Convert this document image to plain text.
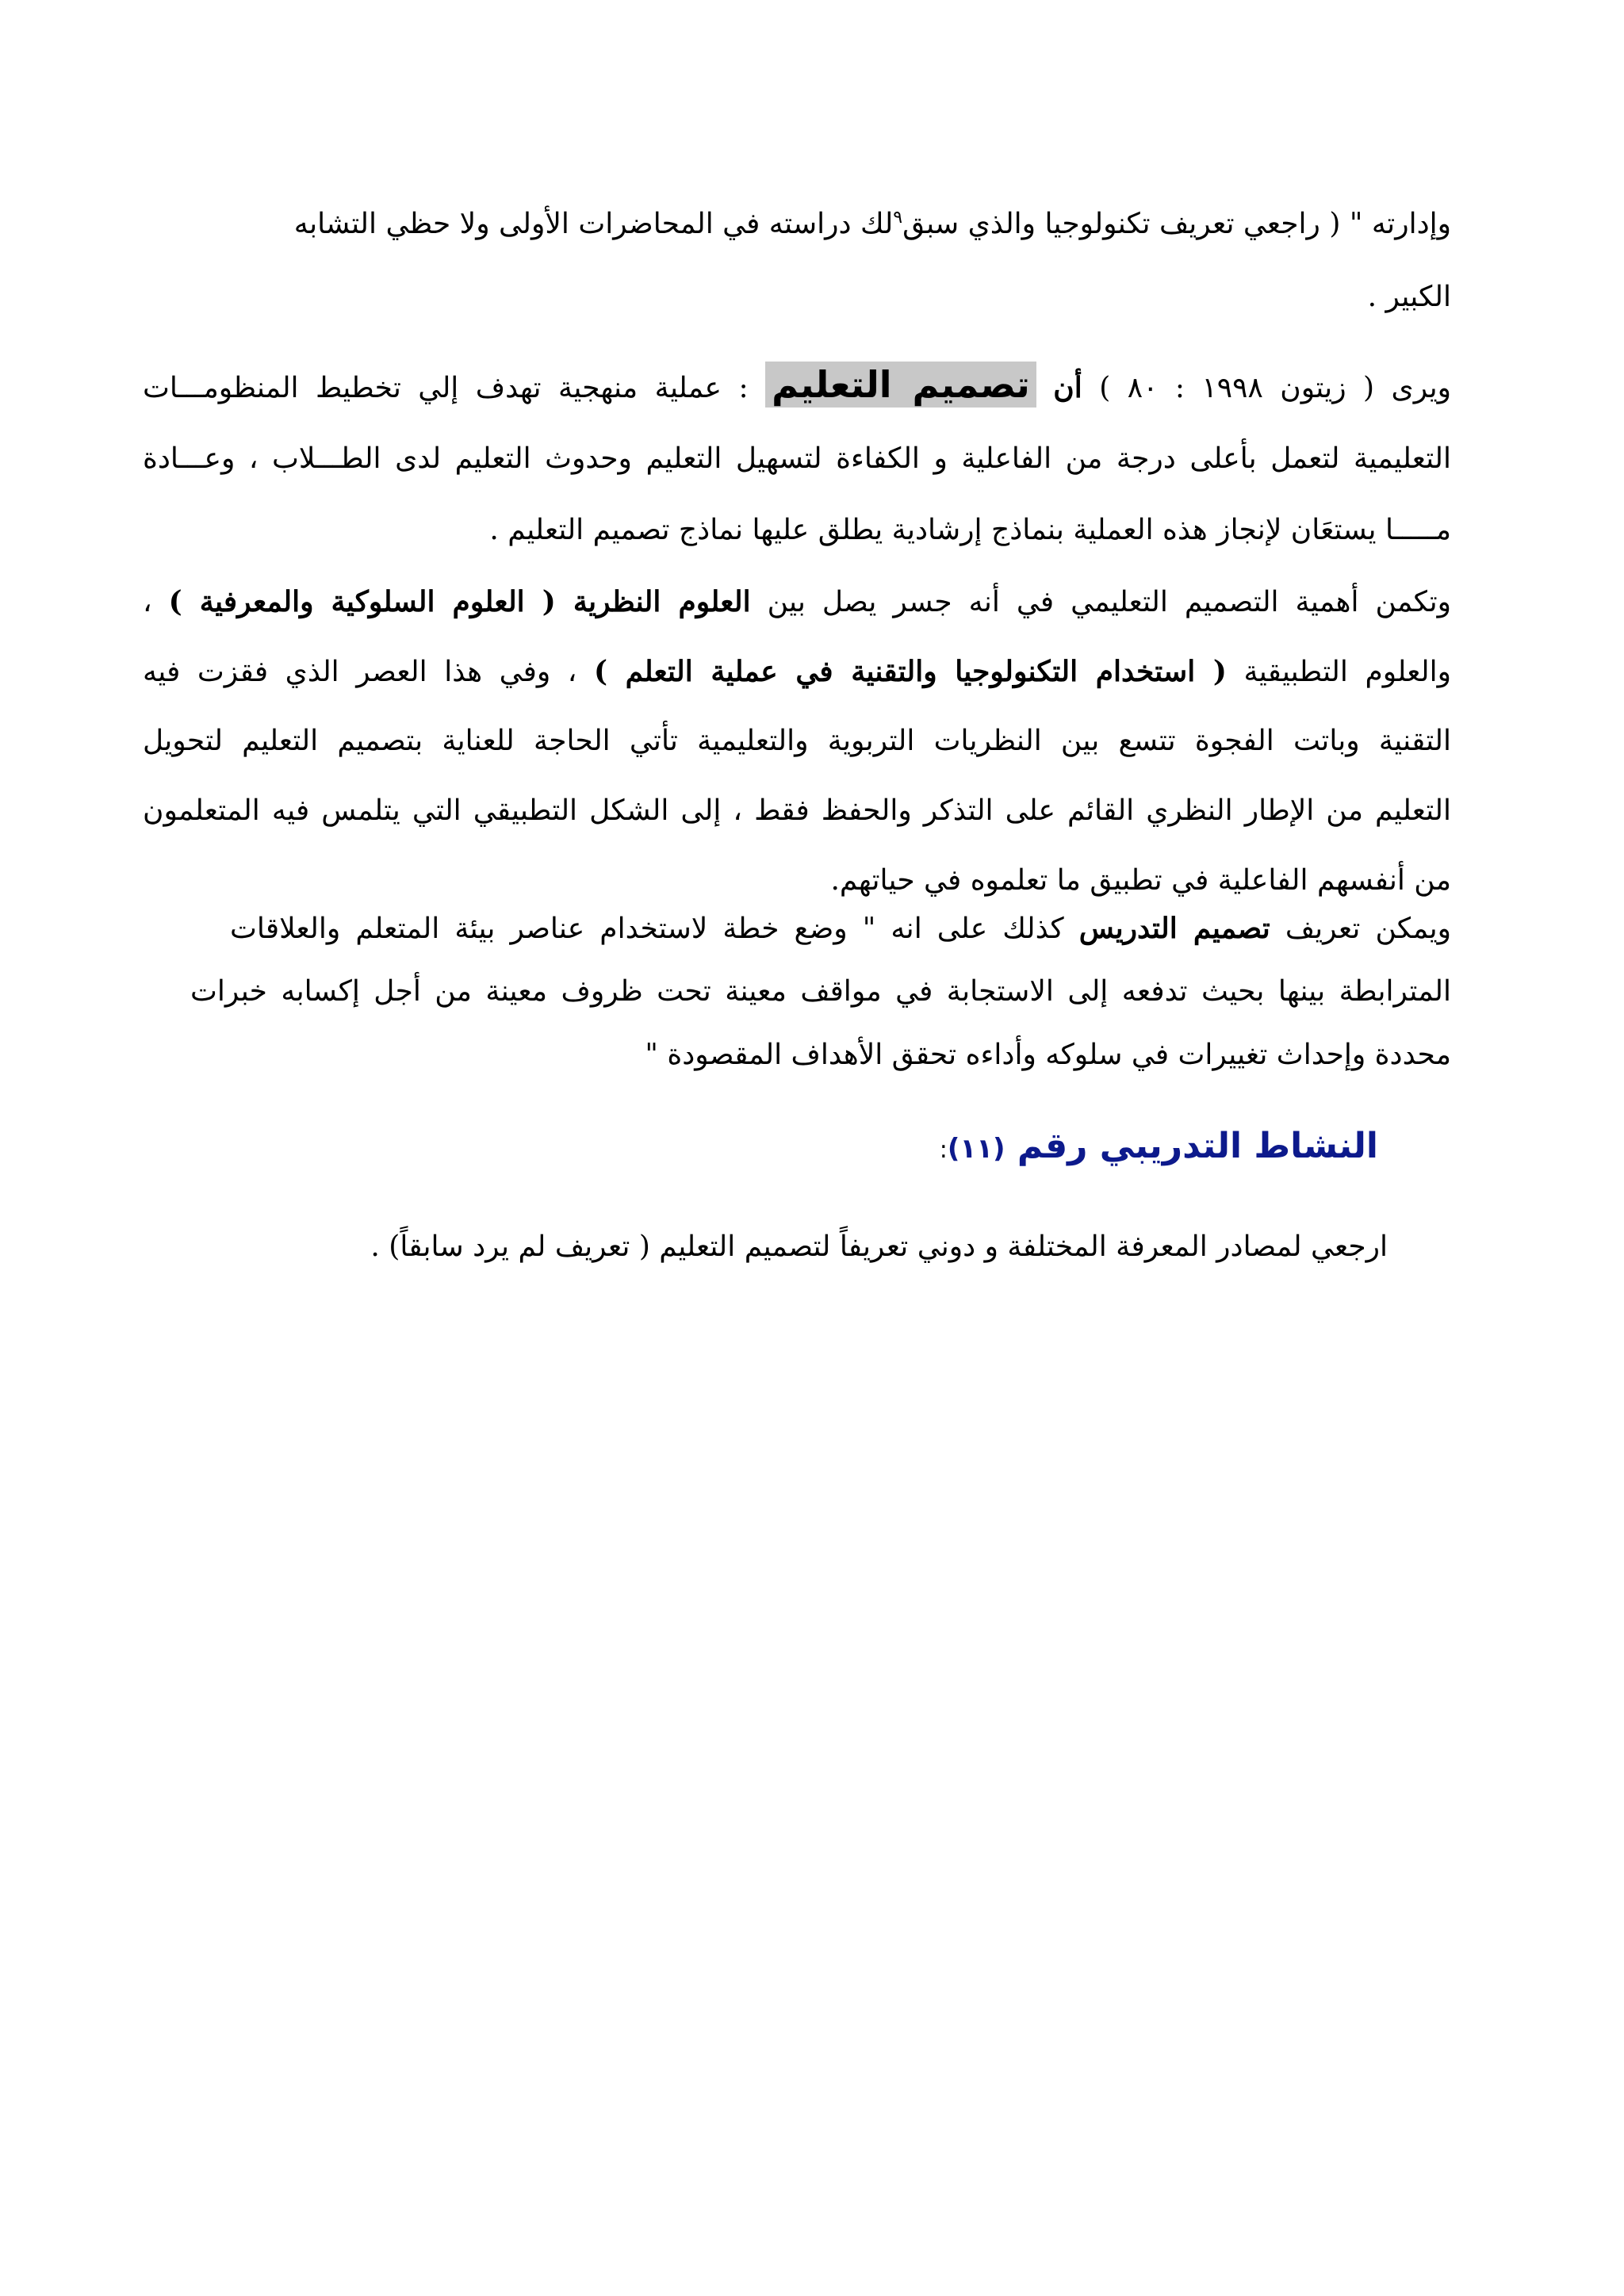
وإدارته " ( راجعي تعريف تكنولوجيا والذي سبق$^٩$لك دراسته في المحاضرات الأولى ولا حظي التشابه
الكبير .
ويرى ( زيتون ١٩٩٨ : ٨٠ ) أن تصميم التعليم : عملية منهجية تهدف إلي تخطيط المنظومـــات
التعليمية لتعمل بأعلى درجة من الفاعلية و الكفاءة لتسهيل التعليم وحدوث التعليم لدى الطـــلاب ، وعـــادة
مـــــا يستعَان لإنجاز هذه العملية بنماذج إرشادية يطلق عليها نماذج تصميم التعليم .
وتكمن أهمية التصميم التعليمي في أنه جسر يصل بين العلوم النظرية ( العلوم السلوكية والمعرفية ) ،
والعلوم التطبيقية ( استخدام التكنولوجيا والتقنية في عملية التعلم ) ، وفي هذا العصر الذي فقزت فيه
التقنية وباتت الفجوة تتسع بين النظريات التربوية والتعليمية تأتي الحاجة للعناية بتصميم التعليم لتحويل
التعليم من الإطار النظري القائم على التذكر والحفظ فقط ، إلى الشكل التطبيقي التي يتلمس فيه المتعلمون
من أنفسهم الفاعلية في تطبيق ما تعلموه في حياتهم.
ويمكن تعريف تصميم التدريس كذلك على انه " وضع خطة لاستخدام عناصر بيئة المتعلم والعلاقات
المترابطة بينها بحيث تدفعه إلى الاستجابة في مواقف معينة تحت ظروف معينة من أجل إكسابه خبرات
محددة وإحداث تغييرات في سلوكه وأداءه تحقق الأهداف المقصودة "
النشاط التدريبي رقم (١١):
ارجعي لمصادر المعرفة المختلفة و دوني تعريفاً لتصميم التعليم ( تعريف لم يرد سابقاً) .
